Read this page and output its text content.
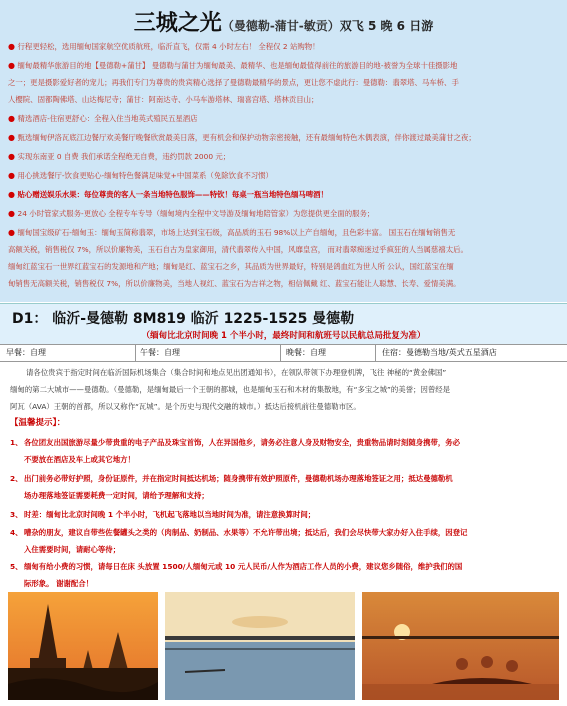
三城之光（曼德勒-蒲甘-敏贡）双飞 5 晚 6 日游
● 行程更轻松，选用缅甸国家航空优质航班，临沂直飞，仅需 4 小时左右！ 全程仅 2 站购物！
● 缅甸最精华旅游目的地【曼德勒+蒲甘】 曼德勒与蒲甘为缅甸最美、最精华、也是缅甸最值得前往的旅游目的地-被誉为全球十佳摄影地
之一；更是摄影爱好者的宠儿；再我们专门为尊贵的贵宾精心选择了曼德勒最精华的景点，更让您不虚此行：曼德勒：翡翠塔、马车桥、手
人樱院、固都陶佛塔、山达梅尼寺；蒲甘：阿南达寺、小马车游塔林、瑞喜宫塔、塔林贡目山；
● 精选酒店-住宿更舒心：全程入住当地英式殖民五星酒店
● 甄选缅甸伊洛瓦底江边餐厅欢美餐厅晚餐欣赏最美日落，更有机会和保护动物亲密接触，还有最缅甸特色木偶表演，伴你渡过最美蒲甘之夜；
● 实现东南亚 0 自费 我们承诺全程绝无自费，违约罚款 2000 元；
● 用心挑选餐厅-饮食更贴心-缅甸特色餐满足味觉+中国菜系（免除饮食不习惯）
● 贴心赠送娱乐水果：每位尊贵的客人一条当地特色服饰——特钦！每桌一瓶当地特色缅马啤酒！
● 24 小时管家式服务-更放心 全程专车专导（缅甸境内全程中文导游及缅甸地陪管家）为您提供更全面的服务；
● 缅甸国宝级矿石-缅甸玉：缅甸玉简称翡翠，市场上达到宝石级，高品质的玉石 98%以上产自缅甸，且色彩丰富。 国玉石在缅甸销售无
高额关税，销售税仅 7%，所以价廉物美，玉石自古为皇家御用，清代翡翠传入中国，风靡皇宫， 而对翡翠痴迷过乎疯狂的人当属慈禧太后。
缅甸红蓝宝石一世界红蓝宝石的发源地和产地；缅甸是红、蓝宝石之乡，其品质为世界最好，特别是鸽血红为世人所 公认，国红蓝宝在缅
甸销售无高额关税，销售税仅 7%，所以价廉物美，当地人视红、蓝宝石为吉祥之物，相信佩戴 红、蓝宝石能让人聪慧、长寿、爱情美满。
D1： 临沂-曼德勒 8M819 临沂 1225-1525 曼德勒
（缅甸比北京时间晚 1 个半小时，最终时间和航班号以民航总局批复为准）
早餐：自理	午餐：自理	晚餐：自理	住宿：曼德勒当地/英式五星酒店
请各位贵宾于指定时间在临沂国际机场集合（集合时间和地点见出团通知书），在领队带领下办理登机牌，飞往 神秘的“黄金佛国”
缅甸的第二大城市——曼德勒。（曼德勒，是缅甸最后一个王朝的都城，也是缅甸玉石和木材的集散地，有“多宝之城”的美誉；因曾经是
阿瓦（AVA）王朝的首都，所以又称作“瓦城”。是个历史与现代交融的城市。）抵达后接机前往曼德勒市区。
【温馨提示】：
1、各位团友出国旅游尽量少带贵重的电子产品及珠宝首饰，人在异国他乡，请务必注意人身及财物安全，贵重物品请时刻随身携带，务必
不要放在酒店及车上或其它地方！
2、出门前务必带好护照，身份证原件，并在指定时间抵达机场；随身携带有效护照原件，曼德勒机场办理落地签证之用；抵达曼德勒机
场办理落地签证需要耗费一定时间，请给予理解和支持；
3、时差：缅甸比北京时间晚 1 个半小时，飞机起飞落地以当地时间为准，请注意换算时间；
4、嘈杂的朋友，建议自带些佐餐罐头之类的（肉制品、奶制品、水果等）不允许带出境；抵达后，我们会尽快带大家办好入住手续，因登记
入住需要时间，请耐心等待；
5、缅甸有给小费的习惯，请每日在床 头放置 1500/人缅甸元或 10 元人民币/人作为酒店工作人员的小费，建议您乡随俗，维护我们的国
际形象。 谢谢配合！
